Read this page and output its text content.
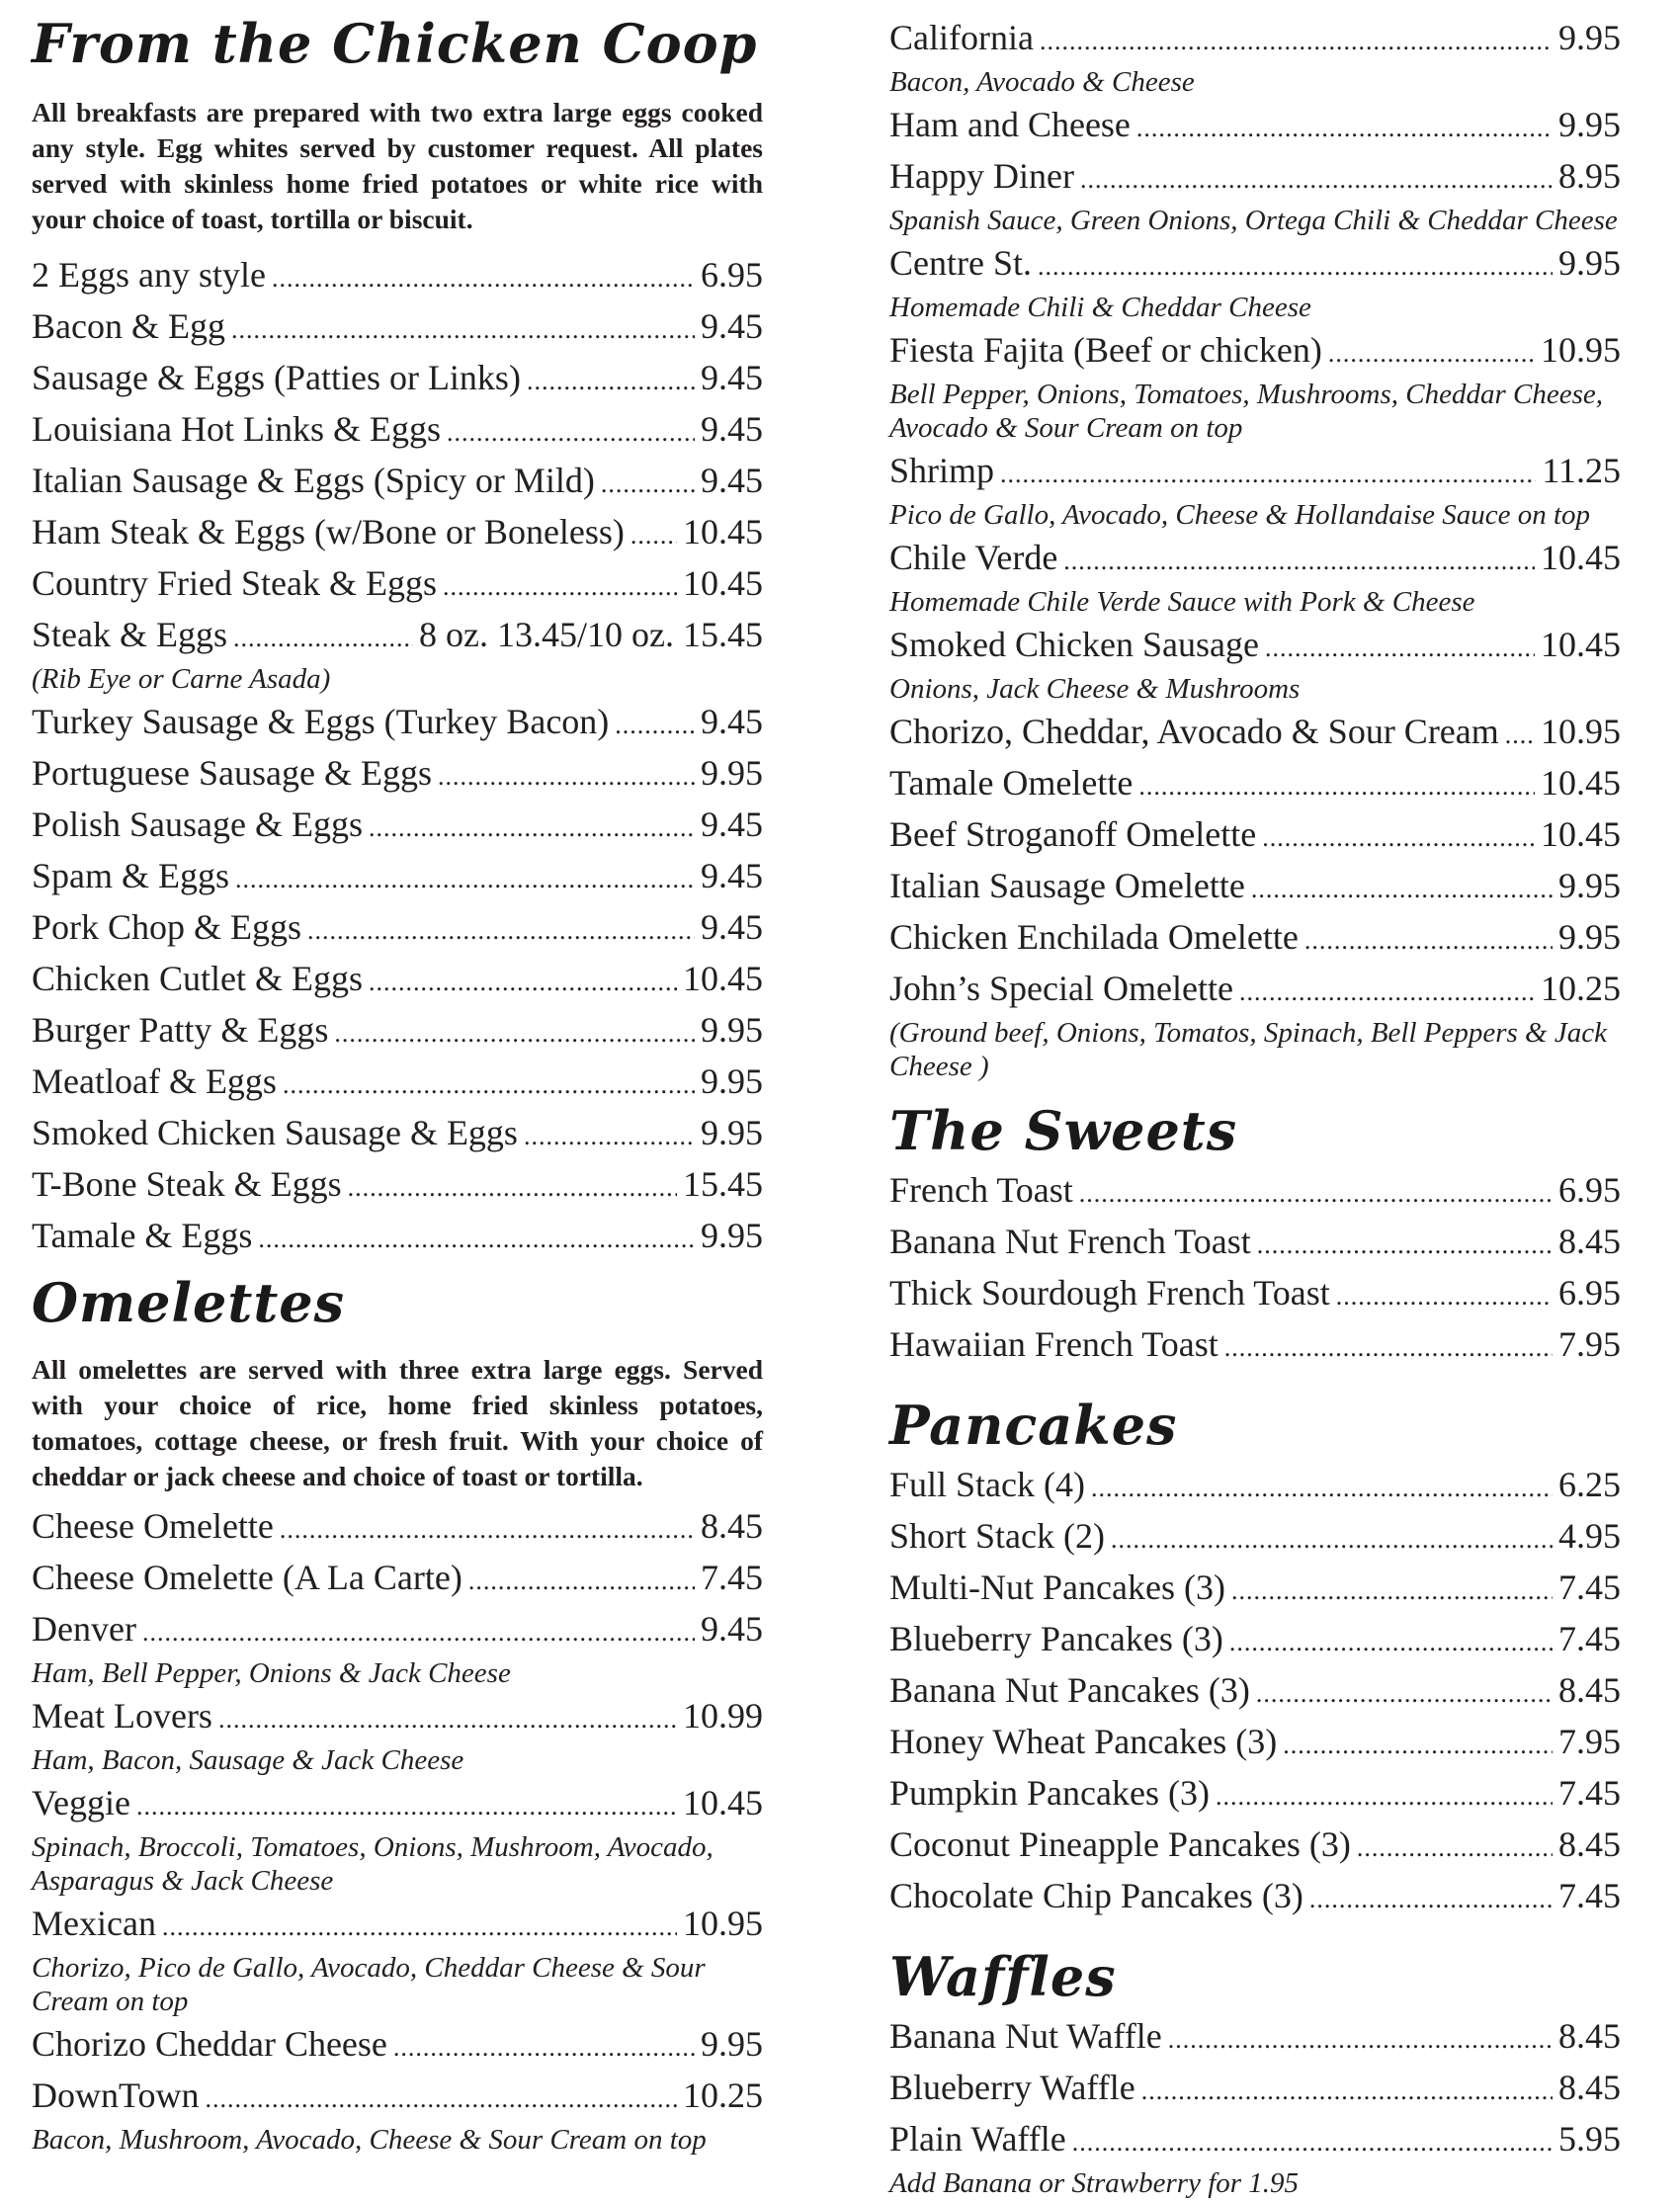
From the Chicken Coop

All breakfasts are prepared with two extra large eggs cooked any style. Egg whites served by customer request. All plates served with skinless home fried potatoes or white rice with your choice of toast, tortilla or biscuit.

2 Eggs any style .....	6.95
Bacon & Egg .....	9.45
Sausage & Eggs (Patties or Links) .....	9.45
Louisiana Hot Links & Eggs .....	9.45
Italian Sausage & Eggs (Spicy or Mild) .....	9.45
Ham Steak & Eggs (w/Bone or Boneless) ..... 10.45
Country Fried Steak & Eggs .....	10.45
Steak & Eggs .....	8 oz. 13.45/10 oz. 15.45

(Rib Eye or Carne Asada)

Turkey Sausage & Eggs (Turkey Bacon) .....	9.45
Portuguese Sausage & Eggs .....	9.95
Polish Sausage & Eggs .....	9.45
Spam & Eggs .....	9.45
Pork Chop & Eggs .....	9.45
Chicken Cutlet & Eggs .....	10.45
Burger Patty & Eggs .....	9.95
Meatloaf & Eggs .....	9.95
Smoked Chicken Sausage & Eggs .....	9.95
T-Bone Steak & Eggs .....	15.45
Tamale & Eggs .....	9.95
Omelettes

All omelettes are served with three extra large eggs. Served with your choice of rice, home fried skinless potatoes, tomatoes, cottage cheese, or fresh fruit. With your choice of cheddar or jack cheese and choice of toast or tortilla.

Cheese Omelette .....	8.45
Cheese Omelette (A La Carte) .....	7.45
Denver .....	9.45

Ham, Bell Pepper, Onions & Jack Cheese

Meat Lovers .....	10.99

Ham, Bacon, Sausage & Jack Cheese

Veggie .....	10.45

Spinach, Broccoli, Tomatoes, Onions, Mushroom, Avocado, Asparagus & Jack Cheese

Mexican .....	10.95

Chorizo, Pico de Gallo, Avocado, Cheddar Cheese & Sour Cream on top

Chorizo Cheddar Cheese .....	9.95
DownTown .....	10.25

Bacon, Mushroom, Avocado, Cheese & Sour Cream on top

California .....	9.95

Bacon, Avocado & Cheese

Ham and Cheese .....	9.95
Happy Diner .....	8.95

Spanish Sauce, Green Onions, Ortega Chili & Cheddar Cheese

Centre St. .....	9.95

Homemade Chili & Cheddar Cheese

Fiesta Fajita (Beef or chicken) .....	10.95

Bell Pepper, Onions, Tomatoes, Mushrooms, Cheddar Cheese, Avocado & Sour Cream on top

Shrimp .....	11.25

Pico de Gallo, Avocado, Cheese & Hollandaise Sauce on top

Chile Verde .....	10.45

Homemade Chile Verde Sauce with Pork & Cheese

Smoked Chicken Sausage .....	10.45

Onions, Jack Cheese & Mushrooms

Chorizo, Cheddar, Avocado & Sour Cream ..... 10.95
Tamale Omelette .....	10.45
Beef Stroganoff Omelette .....	10.45
Italian Sausage Omelette .....	9.95
Chicken Enchilada Omelette .....	9.95
John’s Special Omelette .....	10.25

(Ground beef, Onions, Tomatos, Spinach, Bell Peppers & Jack Cheese )

The Sweets
French Toast .....	6.95
Banana Nut French Toast .....	8.45
Thick Sourdough French Toast .....	6.95
Hawaiian French Toast .....	7.95
Pancakes
Full Stack (4) .....	6.25
Short Stack (2) .....	4.95
Multi-Nut Pancakes (3) .....	7.45
Blueberry Pancakes (3) .....	7.45
Banana Nut Pancakes (3) .....	8.45
Honey Wheat Pancakes (3) .....	7.95
Pumpkin Pancakes (3) .....	7.45
Coconut Pineapple Pancakes (3) .....	8.45
Chocolate Chip Pancakes (3) .....	7.45
Waffles
Banana Nut Waffle .....	8.45
Blueberry Waffle .....	8.45
Plain Waffle .....	5.95

Add Banana or Strawberry for 1.95
